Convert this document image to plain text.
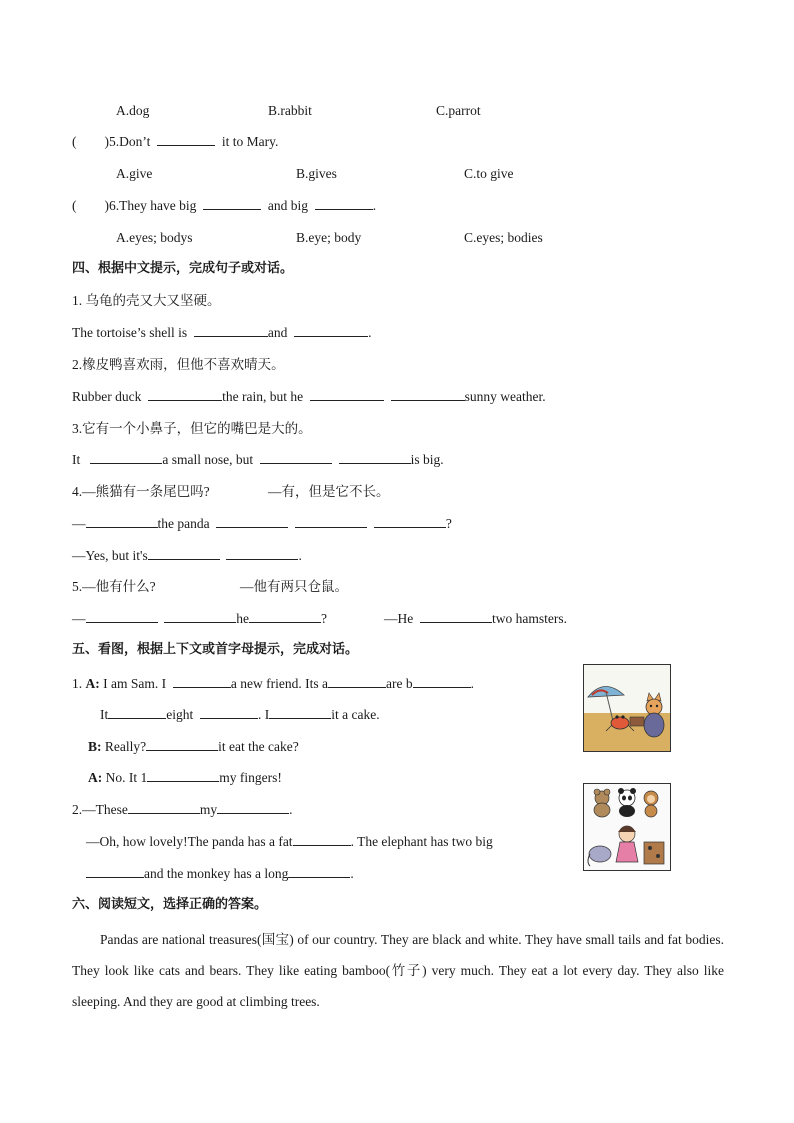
A.dog	B.rabbit	C.parrot
( )5.Don’t	it to Mary.
A.give	B.gives	C.to give
( )6.They have big	and big	.
A.eyes; bodys	B.eye; body	C.eyes; bodies
四、根据中文提示，完成句子或对话。
1. 乌龟的壳又大又坚硬。
The tortoise’s shell is	and	.
2.橡皮鸭喜欢雨，但他不喜欢晴天。
Rubber duck	the rain, but he	sunny weather.
3.它有一个小鼻子，但它的嘴巴是大的。
It	a small nose, but	is big.
4.—熊猫有一条尾巴吗?	—有，但是它不长。
—	the panda	?
—Yes, but it's	.
5.—他有什么?	—他有两只仓鼠。
—	he	?	—He	two hamsters.
五、看图，根据上下文或首字母提示，完成对话。
1. A: I am Sam. I	a new friend. Its a	are b	.
It	eight	. I	it a cake.
B: Really?	it eat the cake?
A: No. It 1	my fingers!
2.—These	my	.
—Oh, how lovely!The panda has a fat	. The elephant has two big
and the monkey has a long	.
六、阅读短文，选择正确的答案。
Pandas are national treasures(国宝) of our country. They are black and white. They have small tails and fat bodies. They look like cats and bears. They like eating bamboo(竹子) very much. They eat a lot every day. They also like sleeping. And they are good at climbing trees.
